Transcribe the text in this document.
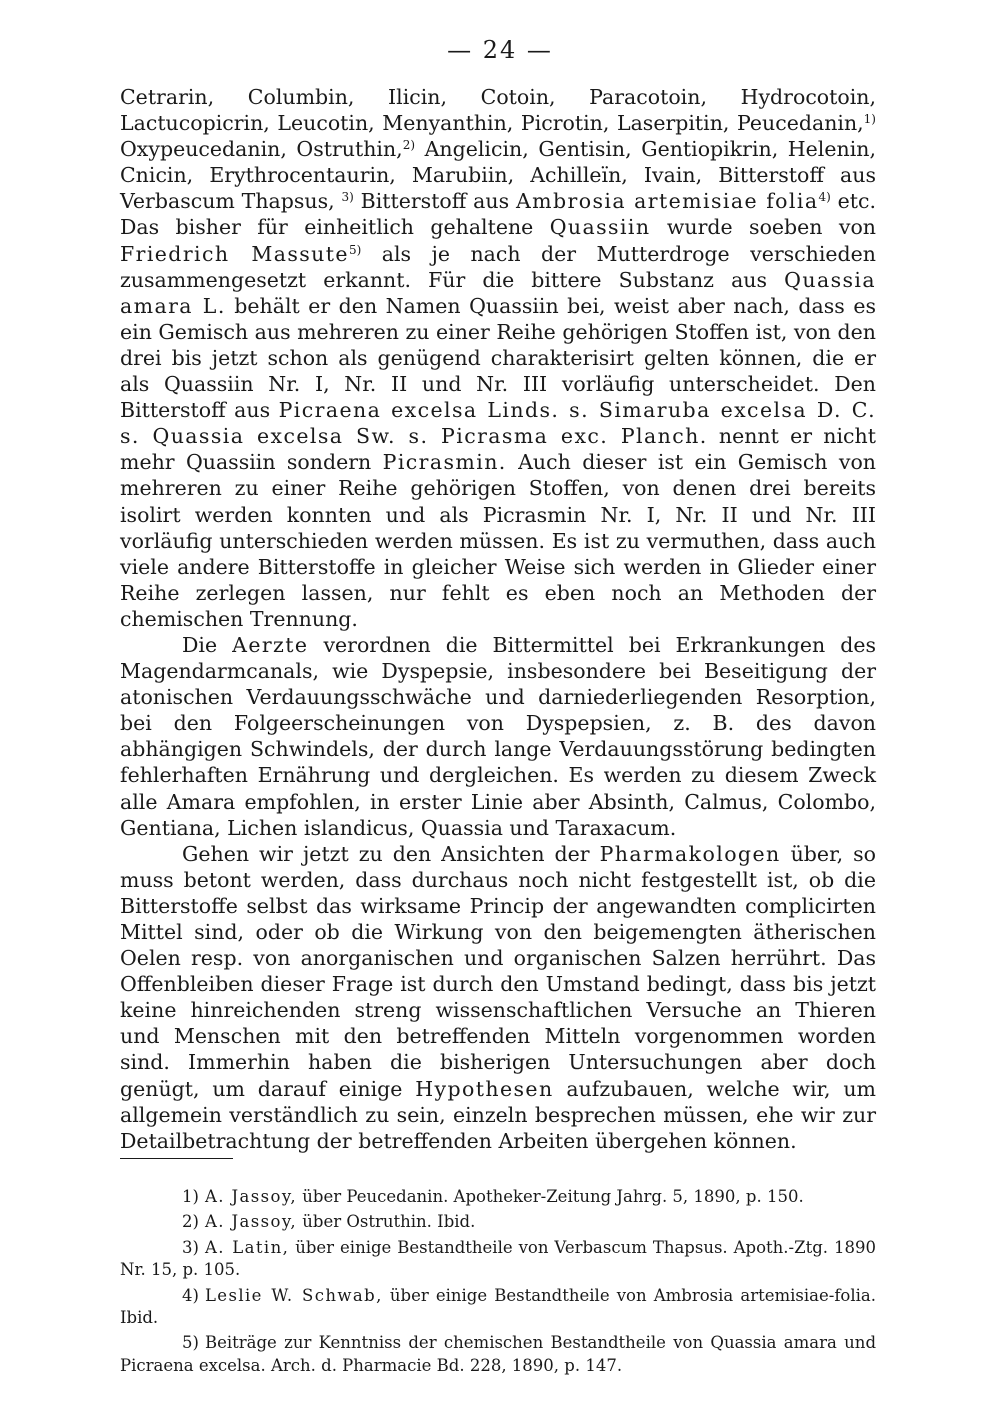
— 24 —

Cetrarin, Columbin, Ilicin, Cotoin, Paracotoin, Hydrocotoin, Lactucopicrin, Leucotin, Menyanthin, Picrotin, Laserpitin, Peucedanin,$^{1)}$ Oxypeucedanin, Ostruthin,$^{2)}$ Angelicin, Gentisin, Gentiopikrin, Helenin, Cnicin, Erythrocentaurin, Marubiin, Achilleïn, Ivain, Bitterstoff aus Verbascum Thapsus, $^{3)}$ Bitterstoff aus Ambrosia artemisiae folia$^{4)}$ etc. Das bisher für einheitlich gehaltene Quassiin wurde soeben von Friedrich Massute$^{5)}$ als je nach der Mutterdroge verschieden zusammengesetzt erkannt. Für die bittere Substanz aus Quassia amara L. behält er den Namen Quassiin bei, weist aber nach, dass es ein Gemisch aus mehreren zu einer Reihe gehörigen Stoffen ist, von den drei bis jetzt schon als genügend charakterisirt gelten können, die er als Quassiin Nr. I, Nr. II und Nr. III vorläufig unterscheidet. Den Bitterstoff aus Picraena excelsa Linds. s. Simaruba excelsa D. C. s. Quassia excelsa Sw. s. Picrasma exc. Planch. nennt er nicht mehr Quassiin sondern Picrasmin. Auch dieser ist ein Gemisch von mehreren zu einer Reihe gehörigen Stoffen, von denen drei bereits isolirt werden konnten und als Picrasmin Nr. I, Nr. II und Nr. III vorläufig unterschieden werden müssen. Es ist zu vermuthen, dass auch viele andere Bitterstoffe in gleicher Weise sich werden in Glieder einer Reihe zerlegen lassen, nur fehlt es eben noch an Methoden der chemischen Trennung.

Die Aerzte verordnen die Bittermittel bei Erkrankungen des Magendarmcanals, wie Dyspepsie, insbesondere bei Beseitigung der atonischen Verdauungsschwäche und darniederliegenden Resorption, bei den Folgeerscheinungen von Dyspepsien, z. B. des davon abhängigen Schwindels, der durch lange Verdauungsstörung bedingten fehlerhaften Ernährung und dergleichen. Es werden zu diesem Zweck alle Amara empfohlen, in erster Linie aber Absinth, Calmus, Colombo, Gentiana, Lichen islandicus, Quassia und Taraxacum.

Gehen wir jetzt zu den Ansichten der Pharmakologen über, so muss betont werden, dass durchaus noch nicht festgestellt ist, ob die Bitterstoffe selbst das wirksame Princip der angewandten complicirten Mittel sind, oder ob die Wirkung von den beigemengten ätherischen Oelen resp. von anorganischen und organischen Salzen herrührt. Das Offenbleiben dieser Frage ist durch den Umstand bedingt, dass bis jetzt keine hinreichenden streng wissenschaftlichen Versuche an Thieren und Menschen mit den betreffenden Mitteln vorgenommen worden sind. Immerhin haben die bisherigen Untersuchungen aber doch genügt, um darauf einige Hypothesen aufzubauen, welche wir, um allgemein verständlich zu sein, einzeln besprechen müssen, ehe wir zur Detailbetrachtung der betreffenden Arbeiten übergehen können.

1) A. Jassoy, über Peucedanin. Apotheker-Zeitung Jahrg. 5, 1890, p. 150.

2) A. Jassoy, über Ostruthin. Ibid.

3) A. Latin, über einige Bestandtheile von Verbascum Thapsus. Apoth.-Ztg. 1890 Nr. 15, p. 105.

4) Leslie W. Schwab, über einige Bestandtheile von Ambrosia artemisiae-folia. Ibid.

5) Beiträge zur Kenntniss der chemischen Bestandtheile von Quassia amara und Picraena excelsa. Arch. d. Pharmacie Bd. 228, 1890, p. 147.
